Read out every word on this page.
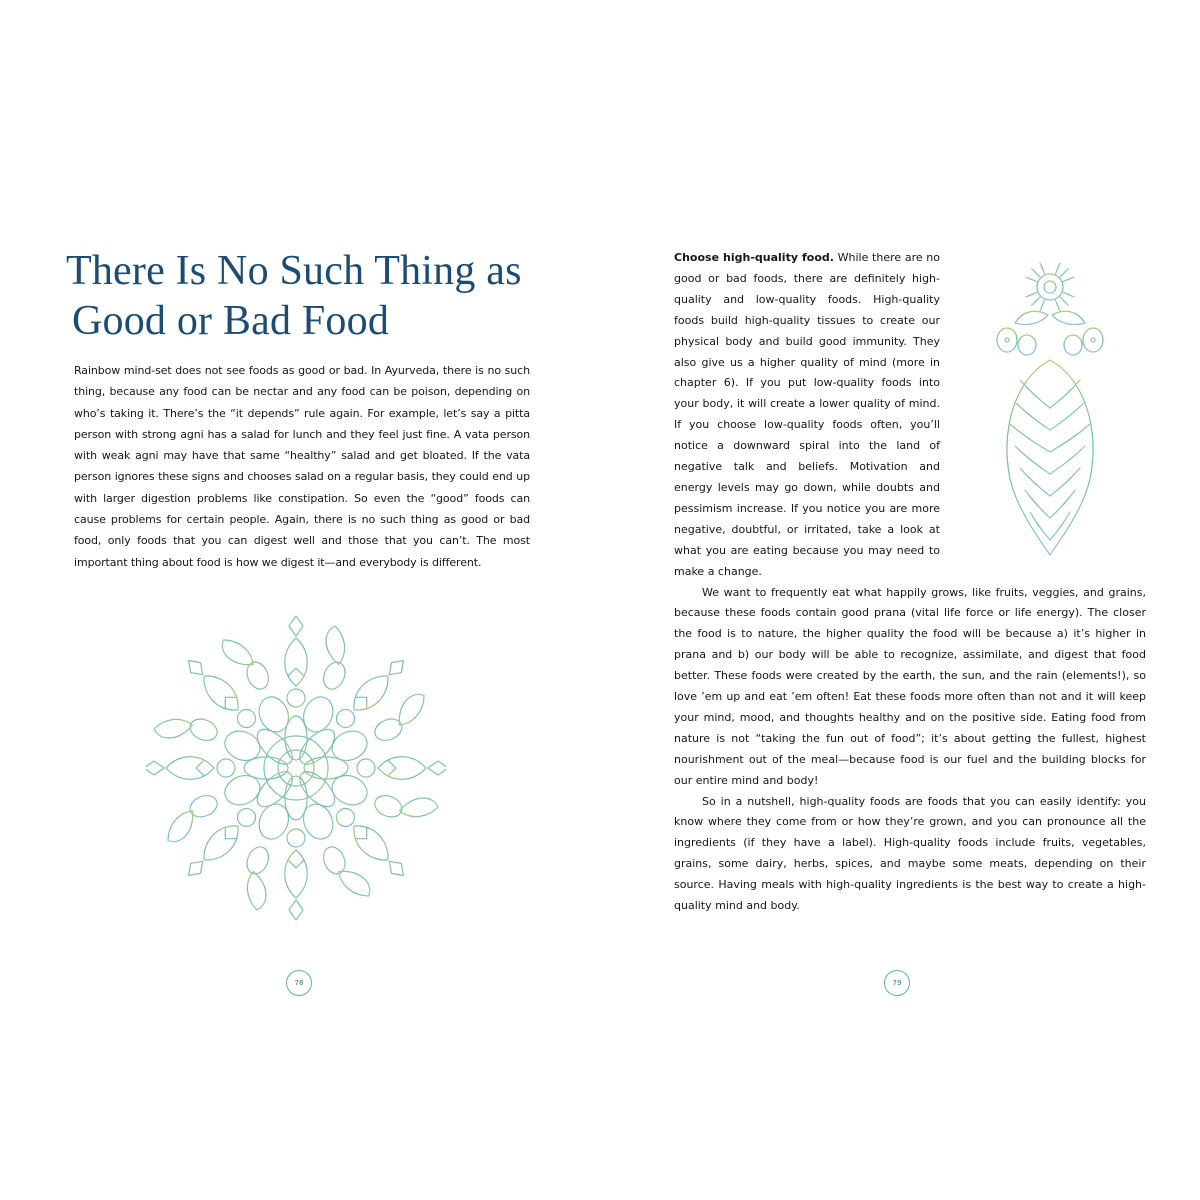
There Is No Such Thing as
Good or Bad Food

Rainbow mind-set does not see foods as good or bad. In Ayurveda, there is no such thing, because any food can be nectar and any food can be poison, depending on who’s taking it. There’s the “it depends” rule again. For example, let’s say a pitta person with strong agni has a salad for lunch and they feel just fine. A vata person with weak agni may have that same “healthy” salad and get bloated. If the vata person ignores these signs and chooses salad on a regular basis, they could end up with larger digestion problems like constipation. So even the “good” foods can cause problems for certain people. Again, there is no such thing as good or bad food, only foods that you can digest well and those that you can’t. The most important thing about food is how we digest it—and everybody is different.

78

Choose high-quality food. While there are no good or bad foods, there are definitely high-quality and low-quality foods. High-quality foods build high-quality tissues to create our physical body and build good immunity. They also give us a higher quality of mind (more in chapter 6). If you put low-quality foods into your body, it will create a lower quality of mind. If you choose low-quality foods often, you’ll notice a downward spiral into the land of negative talk and beliefs. Motivation and energy levels may go down, while doubts and pessimism increase. If you notice you are more negative, doubtful, or irritated, take a look at what you are eating because you may need to make a change.

We want to frequently eat what happily grows, like fruits, veggies, and grains, because these foods contain good prana (vital life force or life energy). The closer the food is to nature, the higher quality the food will be because a) it’s higher in prana and b) our body will be able to recognize, assimilate, and digest that food better. These foods were created by the earth, the sun, and the rain (elements!), so love ’em up and eat ’em often! Eat these foods more often than not and it will keep your mind, mood, and thoughts healthy and on the positive side. Eating food from nature is not “taking the fun out of food”; it’s about getting the fullest, highest nourishment out of the meal—because food is our fuel and the building blocks for our entire mind and body!

So in a nutshell, high-quality foods are foods that you can easily identify: you know where they come from or how they’re grown, and you can pronounce all the ingredients (if they have a label). High-quality foods include fruits, vegetables, grains, some dairy, herbs, spices, and maybe some meats, depending on their source. Having meals with high-quality ingredients is the best way to create a high-quality mind and body.

79
